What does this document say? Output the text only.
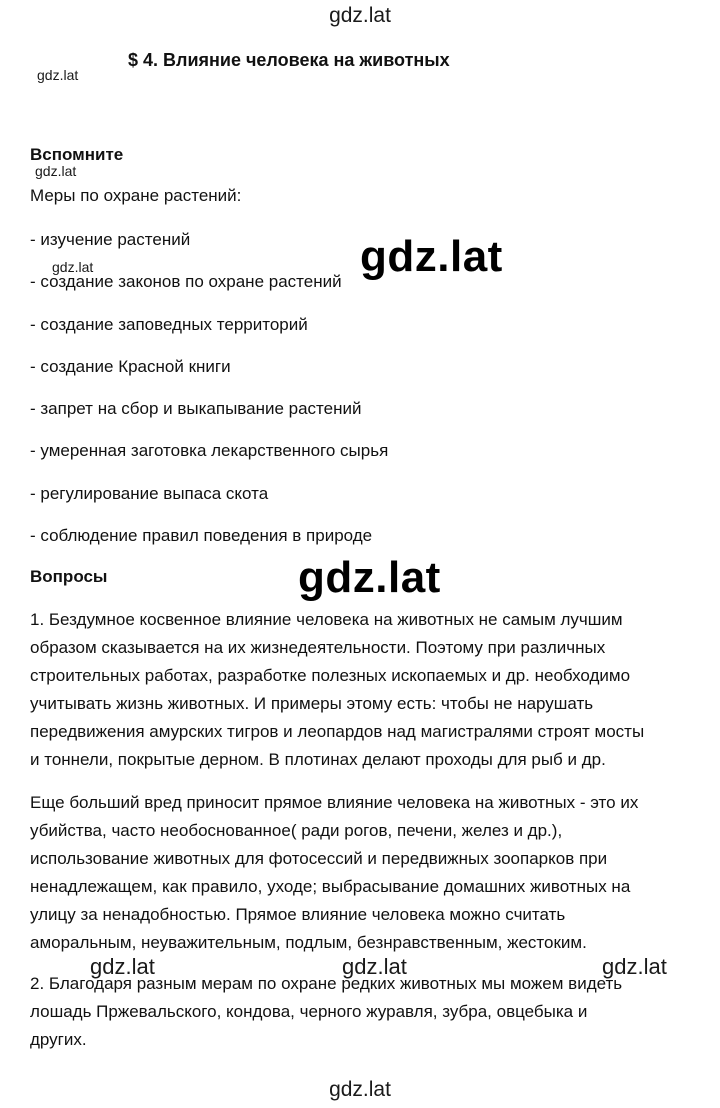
gdz.lat
gdz.lat
$ 4. Влияние человека на животных
Вспомните
gdz.lat
Меры по охране растений:
- изучение растений
- создание законов по охране растений
- создание заповедных территорий
- создание Красной книги
- запрет на сбор и выкапывание растений
- умеренная заготовка лекарственного сырья
- регулирование выпаса скота
- соблюдение правил поведения в природе
gdz.lat	gdz.lat
Вопросы	gdz.lat
1. Бездумное косвенное влияние человека на животных не самым лучшим
образом сказывается на их жизнедеятельности. Поэтому при различных
строительных работах, разработке полезных ископаемых и др. необходимо
учитывать жизнь животных. И примеры этому есть: чтобы не нарушать
передвижения амурских тигров и леопардов над магистралями строят мосты
и тоннели, покрытые дерном. В плотинах делают проходы для рыб и др.
Еще больший вред приносит прямое влияние человека на животных - это их
убийства, часто необоснованное( ради рогов, печени, желез и др.),
использование животных для фотосессий и передвижных зоопарков при
ненадлежащем, как правило, уходе; выбрасывание домашних животных на
улицу за ненадобностью. Прямое влияние человека можно считать
аморальным, неуважительным, подлым, безнравственным, жестоким.
gdz.lat	gdz.lat	gdz.lat
2. Благодаря разным мерам по охране редких животных мы можем видеть
лошадь Пржевальского, кондова, черного журавля, зубра, овцебыка и
других.
gdz.lat
